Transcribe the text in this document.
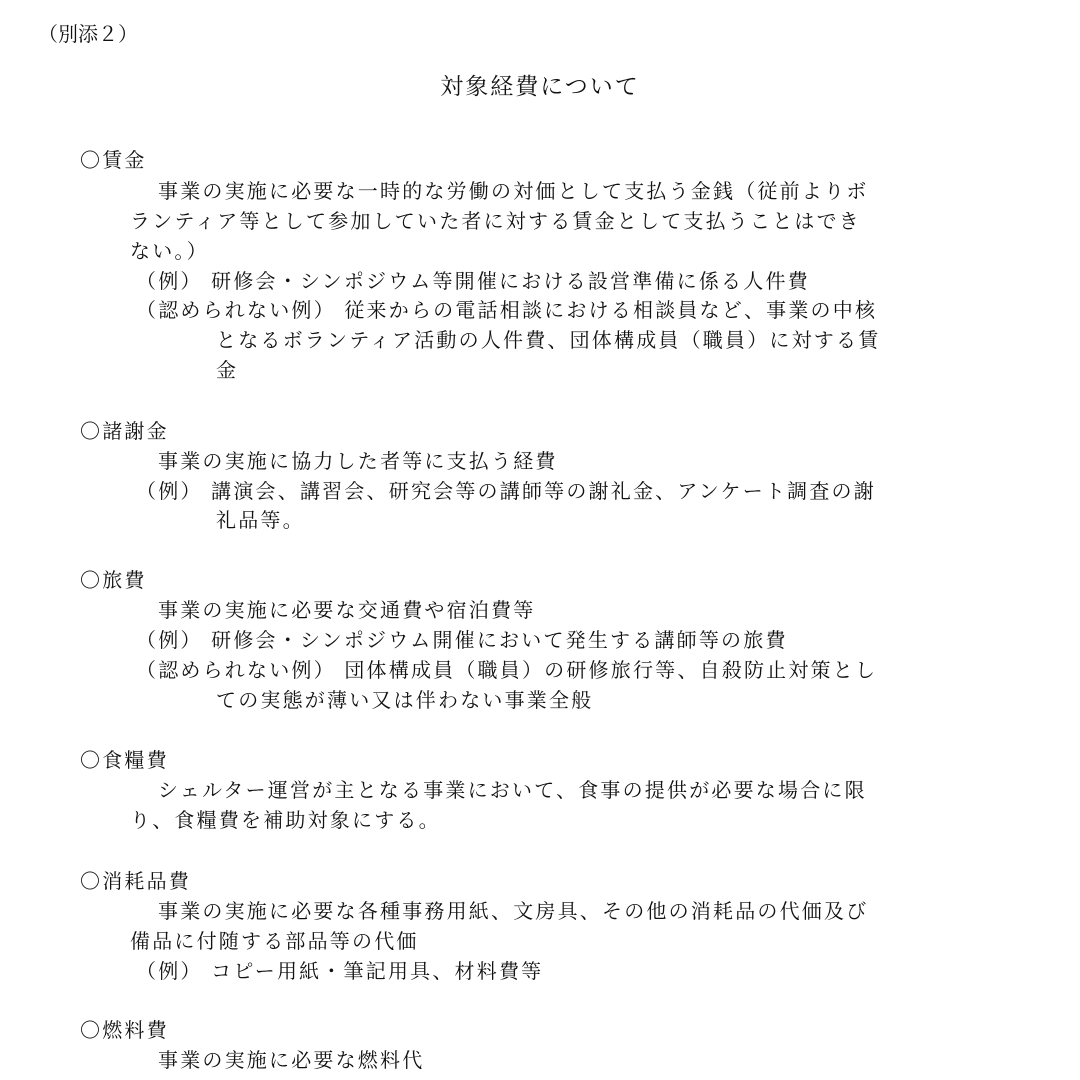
（別添２）
対象経費について
〇賃金
事業の実施に必要な一時的な労働の対価として支払う金銭（従前よりボ
ランティア等として参加していた者に対する賃金として支払うことはでき
ない。）
（例） 研修会・シンポジウム等開催における設営準備に係る人件費
（認められない例） 従来からの電話相談における相談員など、事業の中核
となるボランティア活動の人件費、団体構成員（職員）に対する賃
金
〇諸謝金
事業の実施に協力した者等に支払う経費
（例） 講演会、講習会、研究会等の講師等の謝礼金、アンケート調査の謝
礼品等。
〇旅費
事業の実施に必要な交通費や宿泊費等
（例） 研修会・シンポジウム開催において発生する講師等の旅費
（認められない例） 団体構成員（職員）の研修旅行等、自殺防止対策とし
ての実態が薄い又は伴わない事業全般
〇食糧費
シェルター運営が主となる事業において、食事の提供が必要な場合に限
り、食糧費を補助対象にする。
〇消耗品費
事業の実施に必要な各種事務用紙、文房具、その他の消耗品の代価及び
備品に付随する部品等の代価
（例） コピー用紙・筆記用具、材料費等
〇燃料費
事業の実施に必要な燃料代
